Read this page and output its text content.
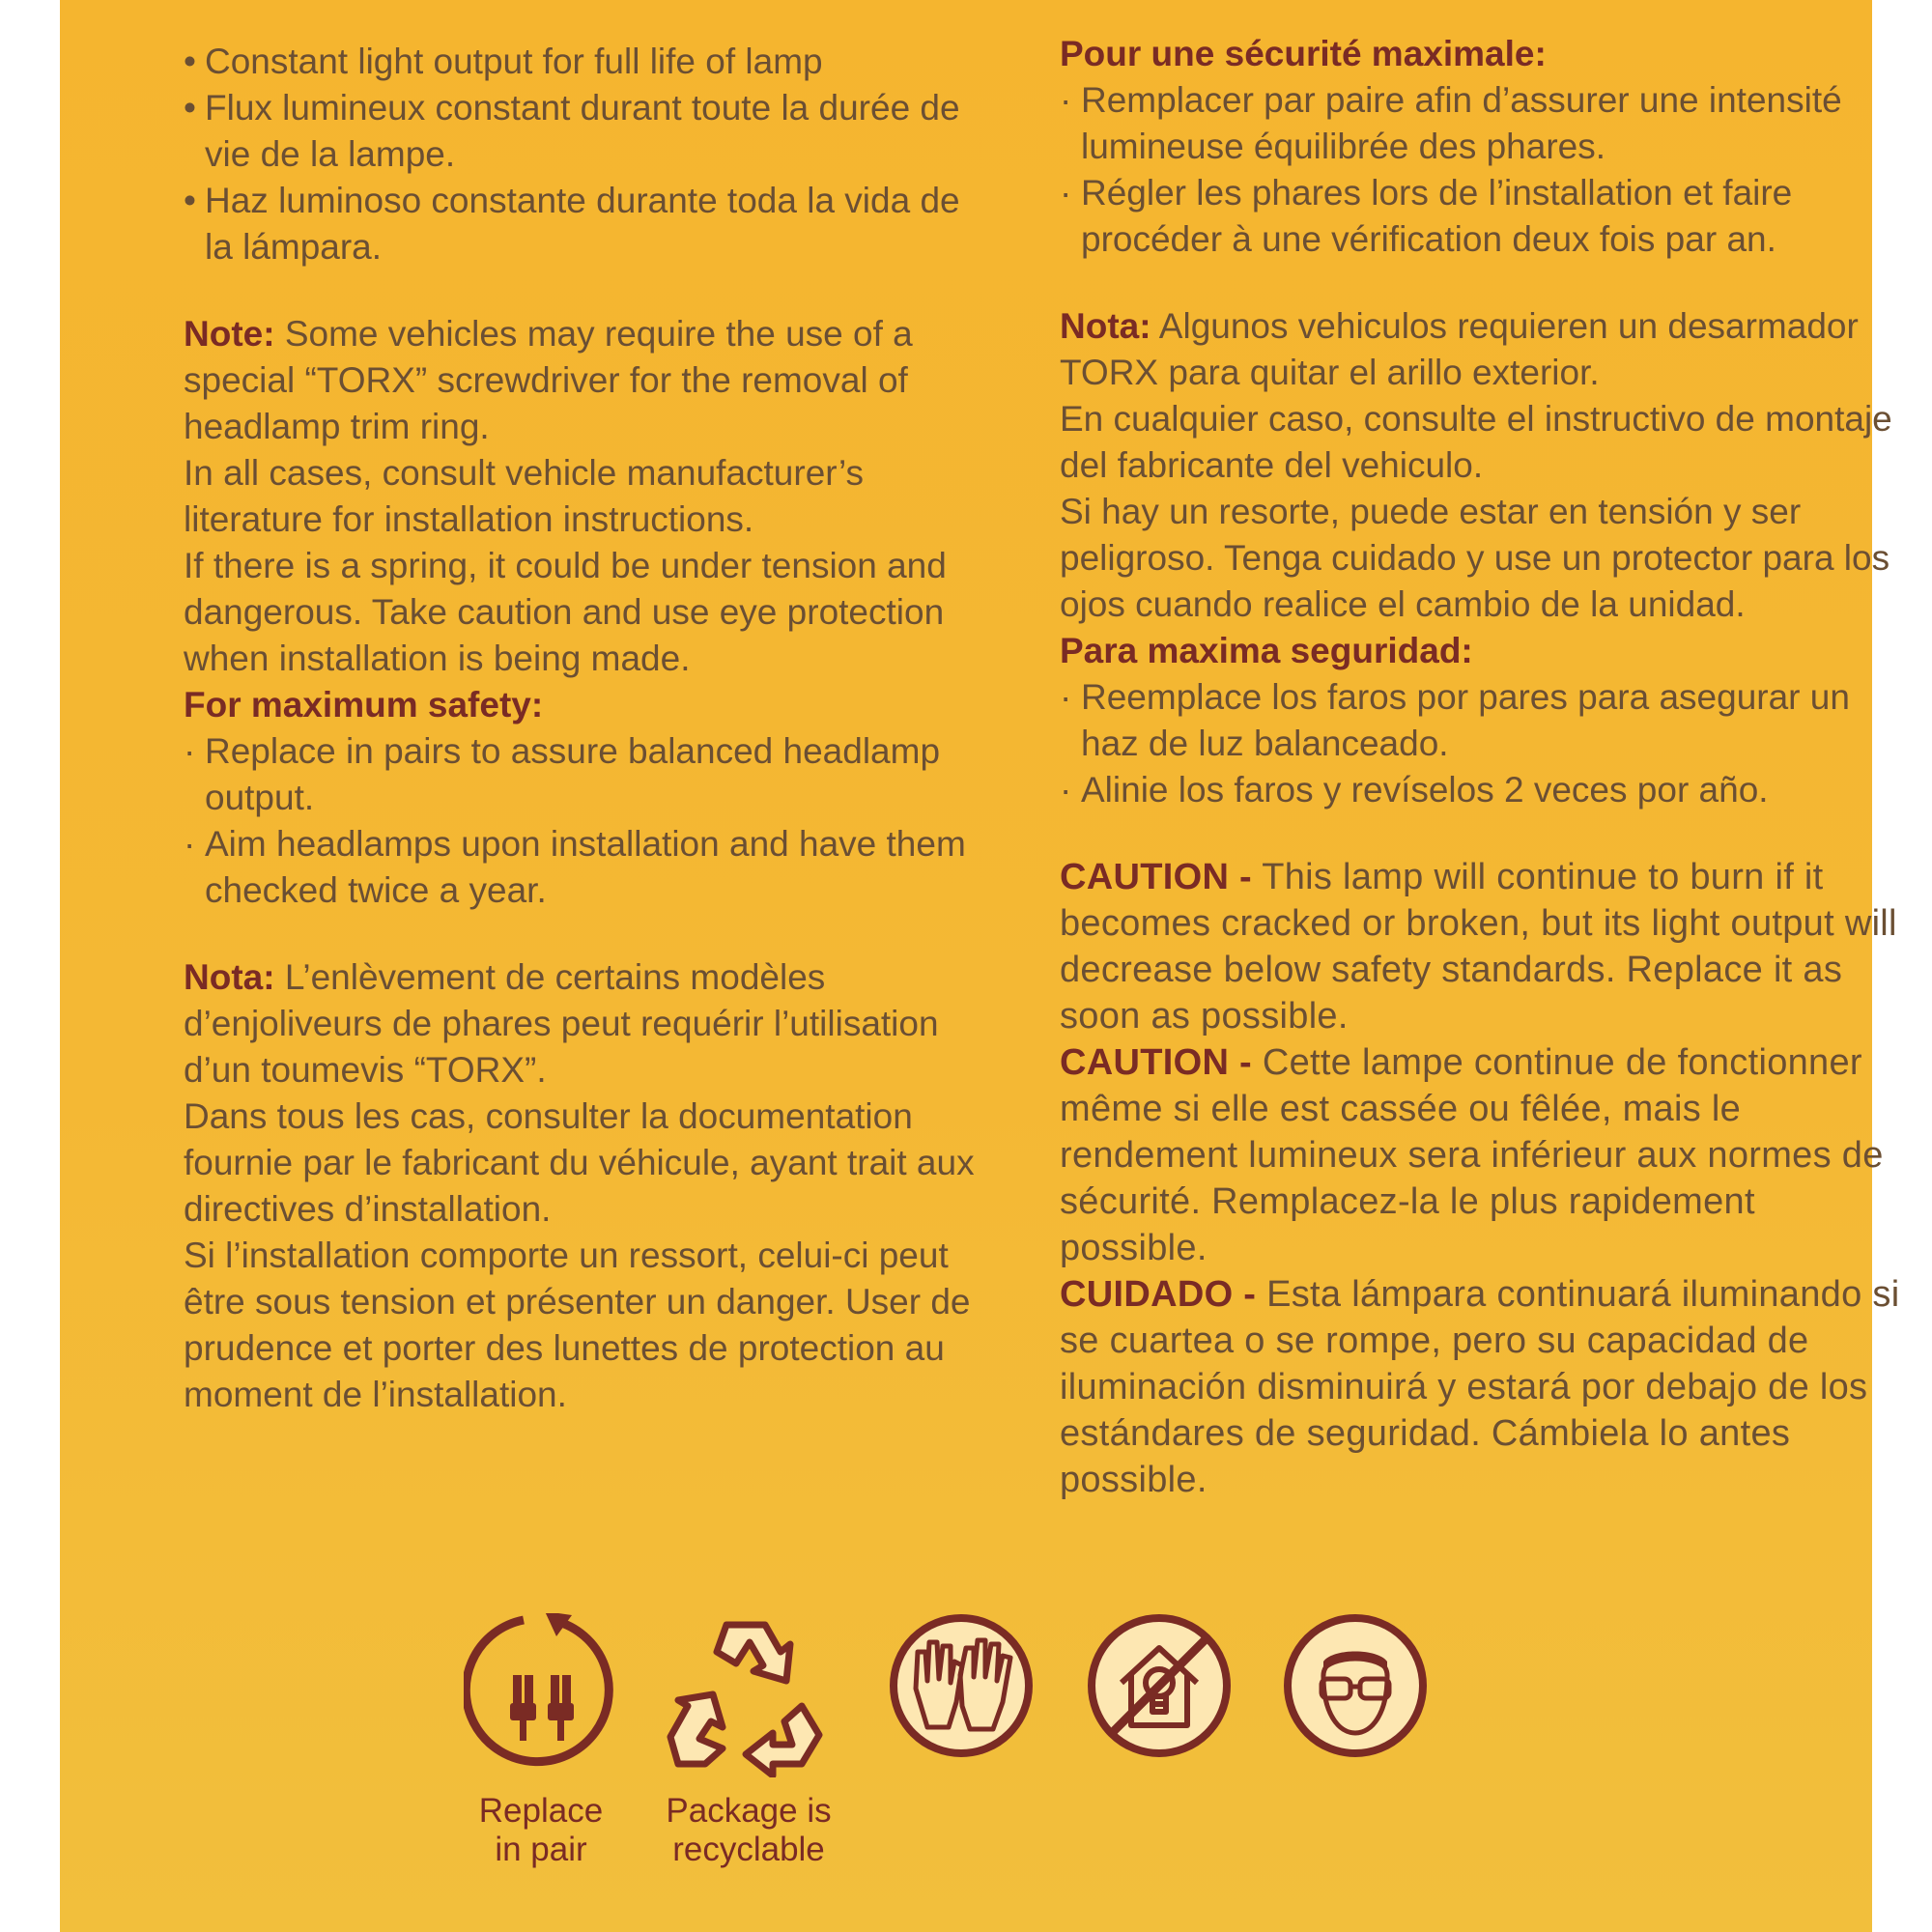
• Constant light output for full life of lamp

• Flux lumineux constant durant toute la durée de vie de la lampe.

• Haz luminoso constante durante toda la vida de la lámpara.

Note: Some vehicles may require the use of a special “TORX” screwdriver for the removal of headlamp trim ring.

In all cases, consult vehicle manufacturer’s literature for installation instructions.

If there is a spring, it could be under tension and dangerous. Take caution and use eye protection when installation is being made.

For maximum safety:

· Replace in pairs to assure balanced headlamp output.

· Aim headlamps upon installation and have them checked twice a year.

Nota: L’enlèvement de certains modèles d’enjoliveurs de phares peut requérir l’utilisation d’un toumevis “TORX”.

Dans tous les cas, consulter la documentation fournie par le fabricant du véhicule, ayant trait aux directives d’installation.

Si l’installation comporte un ressort, celui-ci peut être sous tension et présenter un danger. User de prudence et porter des lunettes de protection au moment de l’installation.

Pour une sécurité maximale:

· Remplacer par paire afin d’assurer une intensité lumineuse équilibrée des phares.

· Régler les phares lors de l’installation et faire procéder à une vérification deux fois par an.

Nota: Algunos vehiculos requieren un desarmador TORX para quitar el arillo exterior.

En cualquier caso, consulte el instructivo de montaje del fabricante del vehiculo.

Si hay un resorte, puede estar en tensión y ser peligroso. Tenga cuidado y use un protector para los ojos cuando realice el cambio de la unidad.

Para maxima seguridad:

· Reemplace los faros por pares para asegurar un haz de luz balanceado.

· Alinie los faros y revíselos 2 veces por año.

CAUTION - This lamp will continue to burn if it becomes cracked or broken, but its light output will decrease below safety standards. Replace it as soon as possible.

CAUTION - Cette lampe continue de fonctionner même si elle est cassée ou fêlée, mais le rendement lumineux sera inférieur aux normes de sécurité. Remplacez-la le plus rapidement possible.

CUIDADO - Esta lámpara continuará iluminando si se cuartea o se rompe, pero su capacidad de iluminación disminuirá y estará por debajo de los estándares de seguridad. Cámbiela lo antes possible.

Replace
in pair
Package is
recyclable
